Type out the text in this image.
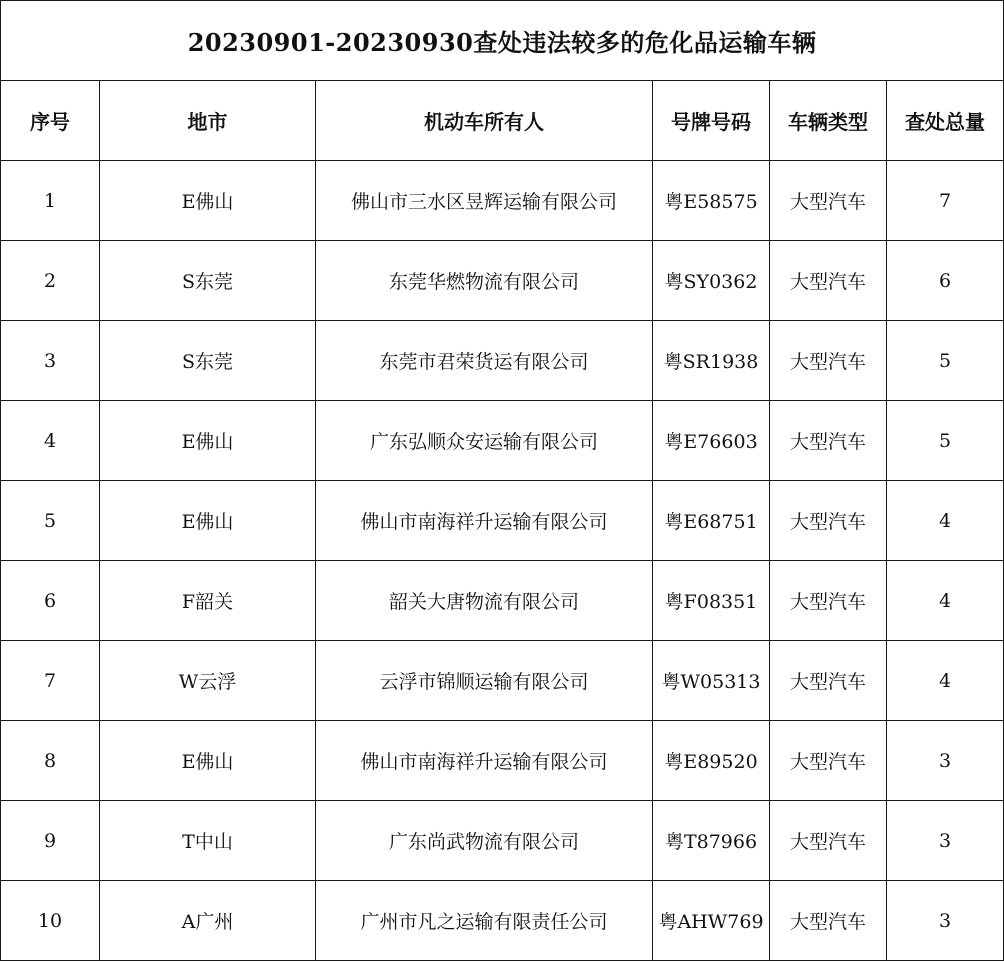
20230901-20230930查处违法较多的危化品运输车辆					
序号	地市	机动车所有人	号牌号码	车辆类型	查处总量
1	E佛山	佛山市三水区昱辉运输有限公司	粤E58575	大型汽车	7
2	S东莞	东莞华燃物流有限公司	粤SY0362	大型汽车	6
3	S东莞	东莞市君荣货运有限公司	粤SR1938	大型汽车	5
4	E佛山	广东弘顺众安运输有限公司	粤E76603	大型汽车	5
5	E佛山	佛山市南海祥升运输有限公司	粤E68751	大型汽车	4
6	F韶关	韶关大唐物流有限公司	粤F08351	大型汽车	4
7	W云浮	云浮市锦顺运输有限公司	粤W05313	大型汽车	4
8	E佛山	佛山市南海祥升运输有限公司	粤E89520	大型汽车	3
9	T中山	广东尚武物流有限公司	粤T87966	大型汽车	3
10	A广州	广州市凡之运输有限责任公司	粤AHW769	大型汽车	3
